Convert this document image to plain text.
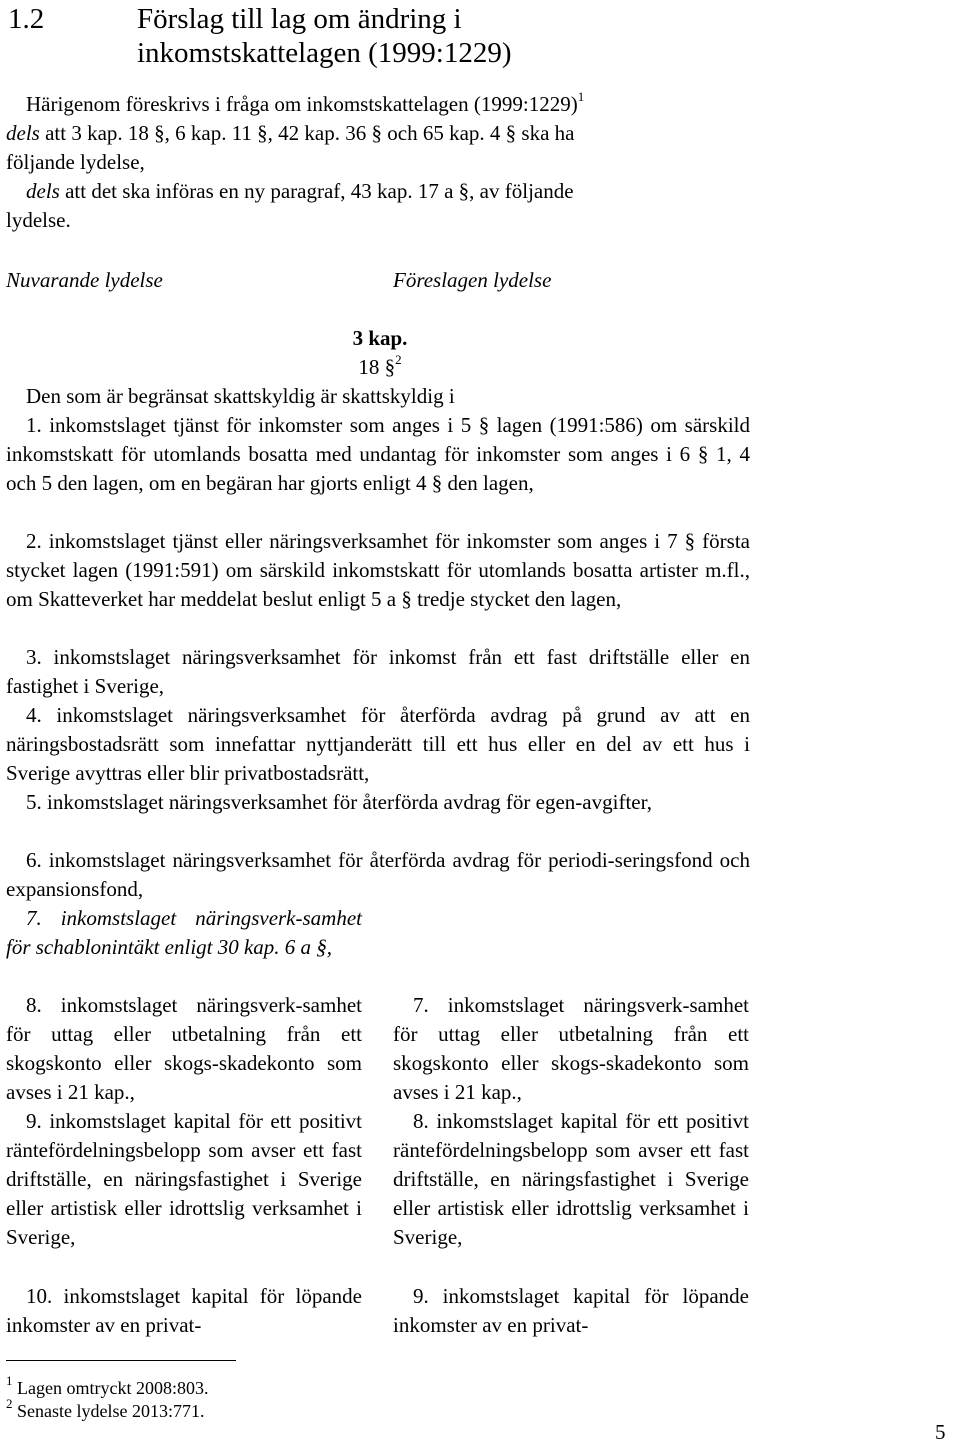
1.2	Förslag till lag om ändring i
inkomstskattelagen (1999:1229)
Härigenom föreskrivs i fråga om inkomstskattelagen (1999:1229)$^1$
dels att 3 kap. 18 §, 6 kap. 11 §, 42 kap. 36 § och 65 kap. 4 § ska ha
följande lydelse,
dels att det ska införas en ny paragraf, 43 kap. 17 a §, av följande
lydelse.
Nuvarande lydelse	Föreslagen lydelse
3 kap.
18 §$^2$
Den som är begränsat skattskyldig är skattskyldig i
1. inkomstslaget tjänst för inkomster som anges i 5 § lagen (1991:586) om särskild inkomstskatt för utomlands bosatta med undantag för inkomster som anges i 6 § 1, 4 och 5 den lagen, om en begäran har gjorts enligt 4 § den lagen,
2. inkomstslaget tjänst eller näringsverksamhet för inkomster som anges i 7 § första stycket lagen (1991:591) om särskild inkomstskatt för utomlands bosatta artister m.fl., om Skatteverket har meddelat beslut enligt 5 a § tredje stycket den lagen,
3. inkomstslaget näringsverksamhet för inkomst från ett fast driftställe eller en fastighet i Sverige,
4. inkomstslaget näringsverksamhet för återförda avdrag på grund av att en näringsbostadsrätt som innefattar nyttjanderätt till ett hus eller en del av ett hus i Sverige avyttras eller blir privatbostadsrätt,
5. inkomstslaget näringsverksamhet för återförda avdrag för egen-avgifter,
6. inkomstslaget näringsverksamhet för återförda avdrag för periodi-seringsfond och expansionsfond,
7. inkomstslaget näringsverk-samhet för schablonintäkt enligt 30 kap. 6 a §,
8. inkomstslaget näringsverk-samhet för uttag eller utbetalning från ett skogskonto eller skogs-skadekonto som avses i 21 kap.,
9. inkomstslaget kapital för ett positivt räntefördelningsbelopp som avser ett fast driftställe, en näringsfastighet i Sverige eller artistisk eller idrottslig verksamhet i Sverige,
10. inkomstslaget kapital för löpande inkomster av en privat-
7. inkomstslaget näringsverk-samhet för uttag eller utbetalning från ett skogskonto eller skogs-skadekonto som avses i 21 kap.,
8. inkomstslaget kapital för ett positivt räntefördelningsbelopp som avser ett fast driftställe, en näringsfastighet i Sverige eller artistisk eller idrottslig verksamhet i Sverige,
9. inkomstslaget kapital för löpande inkomster av en privat-
$^1$ Lagen omtryckt 2008:803.
$^2$ Senaste lydelse 2013:771.
5
